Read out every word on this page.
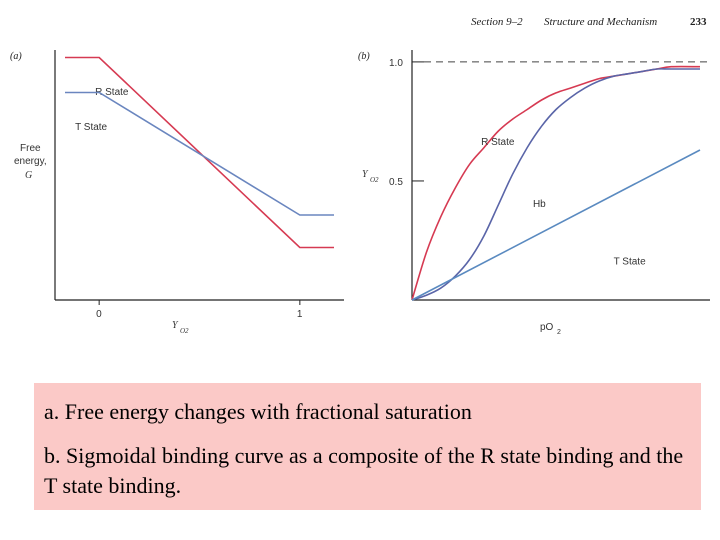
Section 9–2 Structure and Mechanism	233
(a)
Free
energy,
G
Y O2
0	1
R State
T State
(b)
Y O2
pO 2
0.5
1.0
R State
Hb
T State

a. Free energy changes with fractional saturation

b. Sigmoidal binding curve as a composite of the R state binding and the T state binding.
